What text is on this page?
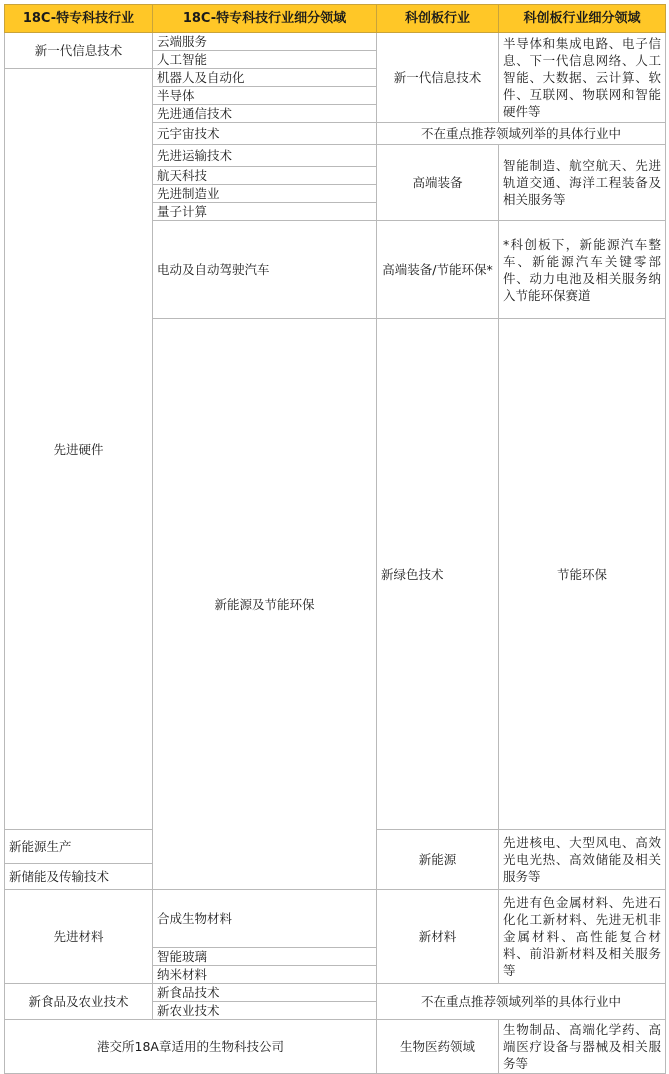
18C-特专科技行业	18C-特专科技行业细分领域	科创板行业	科创板行业细分领域	
新一代信息技术	云端服务	新一代信息技术	半导体和集成电路、电子信息、下一代信息网络、人工智能、大数据、云计算、软件、互联网、物联网和智能硬件等	
	人工智能			
先进硬件	机器人及自动化			
	半导体			
	先进通信技术			
	元宇宙技术	不在重点推荐领域列举的具体行业中		
	先进运输技术	高端装备	智能制造、航空航天、先进轨道交通、海洋工程装备及相关服务等	
	航天科技			
	先进制造业			
	量子计算			
	电动及自动驾驶汽车	高端装备/节能环保*	*科创板下，新能源汽车整车、新能源汽车关键零部件、动力电池及相关服务纳入节能环保赛道	
	新能源及节能环保	新绿色技术	节能环保	
新能源生产		新能源	先进核电、大型风电、高效光电光热、高效储能及相关服务等	
新储能及传输技术				
先进材料	合成生物材料	新材料	先进有色金属材料、先进石化化工新材料、先进无机非金属材料、高性能复合材料、前沿新材料及相关服务等	
	智能玻璃			
	纳米材料			
新食品及农业技术	新食品技术	不在重点推荐领域列举的具体行业中		
	新农业技术			
港交所18A章适用的生物科技公司		生物医药领域	生物制品、高端化学药、高端医疗设备与器械及相关服务等	
